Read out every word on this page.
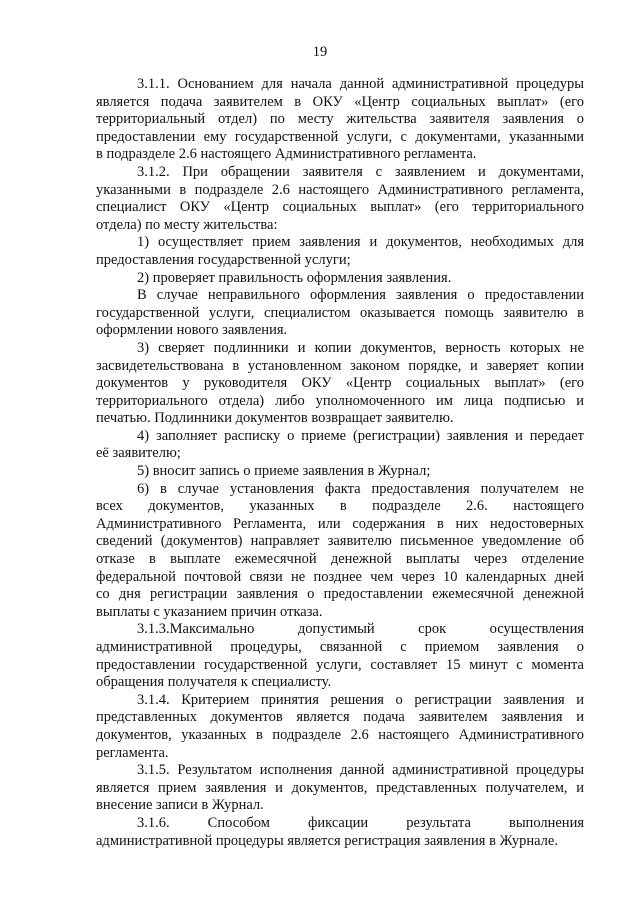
19
3.1.1. Основанием для начала данной административной процедуры
является подача заявителем в ОКУ «Центр социальных выплат» (его
территориальный отдел) по месту жительства заявителя заявления о
предоставлении ему государственной услуги, с документами, указанными
в подразделе 2.6 настоящего Административного регламента.
3.1.2. При обращении заявителя с заявлением и документами,
указанными в подразделе 2.6 настоящего Административного регламента,
специалист ОКУ «Центр социальных выплат» (его территориального
отдела) по месту жительства:
1) осуществляет прием заявления и документов, необходимых для
предоставления государственной услуги;
2) проверяет правильность оформления заявления.
В случае неправильного оформления заявления о предоставлении
государственной услуги, специалистом оказывается помощь заявителю в
оформлении нового заявления.
3) сверяет подлинники и копии документов, верность которых не
засвидетельствована в установленном законом порядке, и заверяет копии
документов у руководителя ОКУ «Центр социальных выплат» (его
территориального отдела) либо уполномоченного им лица подписью и
печатью. Подлинники документов возвращает заявителю.
4) заполняет расписку о приеме (регистрации) заявления и передает
её заявителю;
5) вносит запись о приеме заявления в Журнал;
6) в случае установления факта предоставления получателем не
всех документов, указанных в подразделе 2.6. настоящего
Административного Регламента, или содержания в них недостоверных
сведений (документов) направляет заявителю письменное уведомление об
отказе в выплате ежемесячной денежной выплаты через отделение
федеральной почтовой связи не позднее чем через 10 календарных дней
со дня регистрации заявления о предоставлении ежемесячной денежной
выплаты с указанием причин отказа.
3.1.3.Максимально допустимый срок осуществления
административной процедуры, связанной с приемом заявления о
предоставлении государственной услуги, составляет 15 минут с момента
обращения получателя к специалисту.
3.1.4. Критерием принятия решения о регистрации заявления и
представленных документов является подача заявителем заявления и
документов, указанных в подразделе 2.6 настоящего Административного
регламента.
3.1.5. Результатом исполнения данной административной процедуры
является прием заявления и документов, представленных получателем, и
внесение записи в Журнал.
3.1.6. Способом фиксации результата выполнения
административной процедуры является регистрация заявления в Журнале.
